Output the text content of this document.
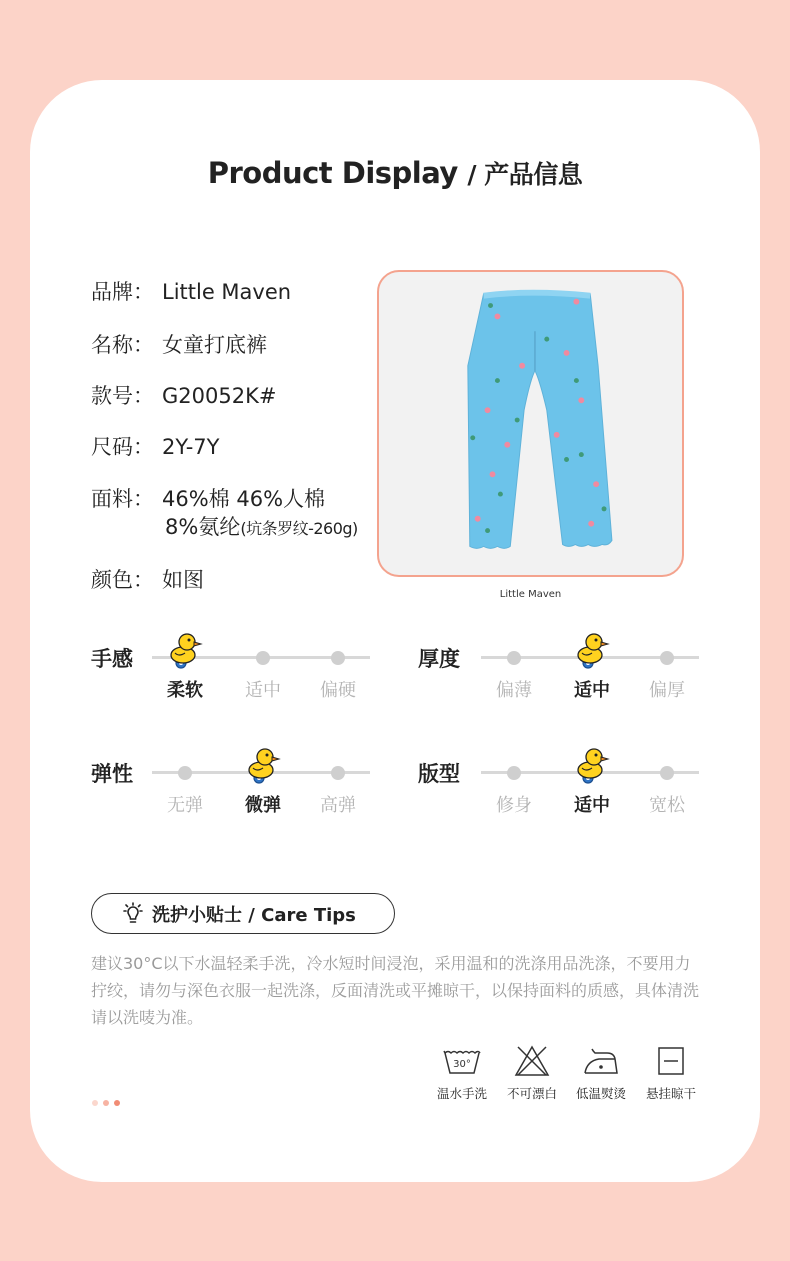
Product Display / 产品信息
品牌： Little Maven
名称： 女童打底裤
款号： G20052K#
尺码： 2Y-7Y
面料： 46%棉 46%人棉
8%氨纶(坑条罗纹-260g)
颜色： 如图
Little Maven
手感
柔软	适中	偏硬
厚度
偏薄	适中	偏厚
弹性
无弹	微弹	高弹
版型
修身	适中	宽松
洗护小贴士 / Care Tips
建议30°C以下水温轻柔手洗，冷水短时间浸泡，采用温和的洗涤用品洗涤，不要用力拧绞，请勿与深色衣服一起洗涤，反面清洗或平摊晾干，以保持面料的质感，具体清洗请以洗唛为准。
30°
温水手洗	不可漂白	低温熨烫	悬挂晾干
